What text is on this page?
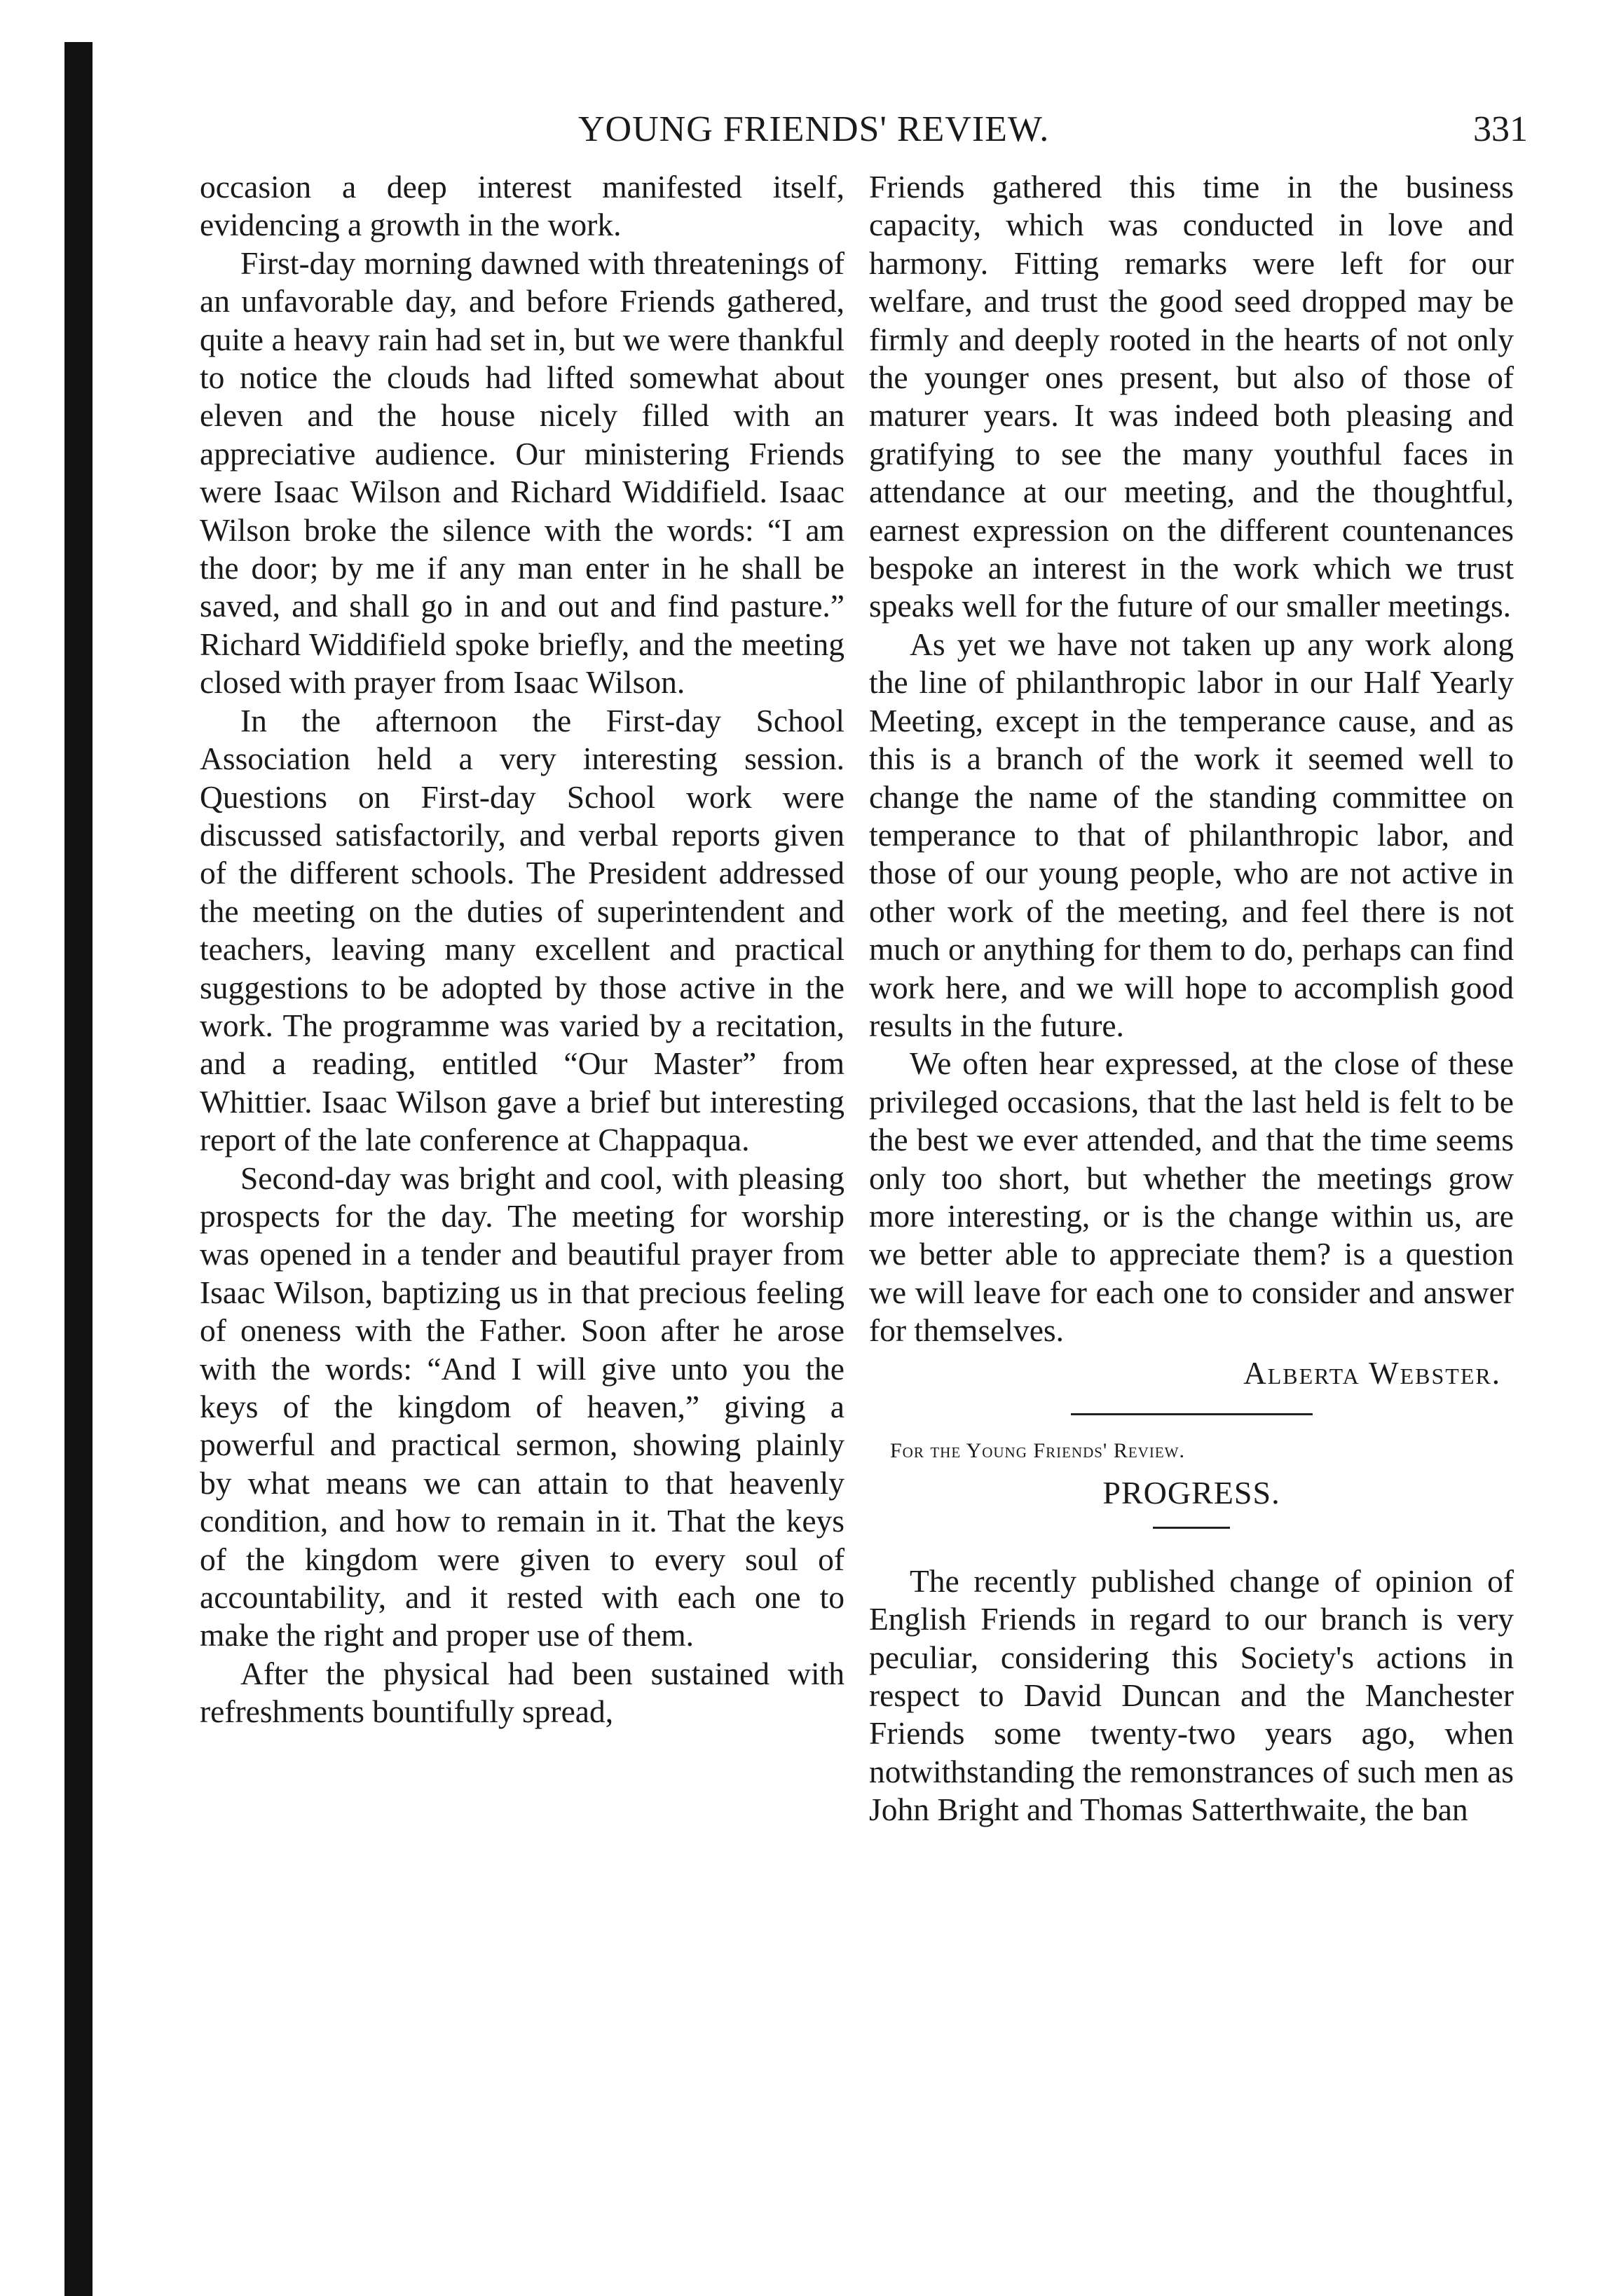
YOUNG FRIENDS' REVIEW.	331

occasion a deep interest manifested itself, evidencing a growth in the work.

First-day morning dawned with threatenings of an unfavorable day, and before Friends gathered, quite a heavy rain had set in, but we were thankful to notice the clouds had lifted somewhat about eleven and the house nicely filled with an appreciative audience. Our ministering Friends were Isaac Wilson and Richard Widdifield. Isaac Wilson broke the silence with the words: “I am the door; by me if any man enter in he shall be saved, and shall go in and out and find pasture.” Richard Widdifield spoke briefly, and the meeting closed with prayer from Isaac Wilson.

In the afternoon the First-day School Association held a very interesting session. Questions on First-day School work were discussed satisfactorily, and verbal reports given of the different schools. The President addressed the meeting on the duties of superintendent and teachers, leaving many excellent and practical suggestions to be adopted by those active in the work. The programme was varied by a recitation, and a reading, entitled “Our Master” from Whittier. Isaac Wilson gave a brief but interesting report of the late conference at Chappaqua.

Second-day was bright and cool, with pleasing prospects for the day. The meeting for worship was opened in a tender and beautiful prayer from Isaac Wilson, baptizing us in that precious feeling of oneness with the Father. Soon after he arose with the words: “And I will give unto you the keys of the kingdom of heaven,” giving a powerful and practical sermon, showing plainly by what means we can attain to that heavenly condition, and how to remain in it. That the keys of the kingdom were given to every soul of accountability, and it rested with each one to make the right and proper use of them.

After the physical had been sustained with refreshments bountifully spread,

Friends gathered this time in the business capacity, which was conducted in love and harmony. Fitting remarks were left for our welfare, and trust the good seed dropped may be firmly and deeply rooted in the hearts of not only the younger ones present, but also of those of maturer years. It was indeed both pleasing and gratifying to see the many youthful faces in attendance at our meeting, and the thoughtful, earnest expression on the different countenances bespoke an interest in the work which we trust speaks well for the future of our smaller meetings.

As yet we have not taken up any work along the line of philanthropic labor in our Half Yearly Meeting, except in the temperance cause, and as this is a branch of the work it seemed well to change the name of the standing committee on temperance to that of philanthropic labor, and those of our young people, who are not active in other work of the meeting, and feel there is not much or anything for them to do, perhaps can find work here, and we will hope to accomplish good results in the future.

We often hear expressed, at the close of these privileged occasions, that the last held is felt to be the best we ever attended, and that the time seems only too short, but whether the meetings grow more interesting, or is the change within us, are we better able to appreciate them? is a question we will leave for each one to consider and answer for themselves.

Alberta Webster.

For the Young Friends' Review.

PROGRESS.

The recently published change of opinion of English Friends in regard to our branch is very peculiar, considering this Society's actions in respect to David Duncan and the Manchester Friends some twenty-two years ago, when notwithstanding the remonstrances of such men as John Bright and Thomas Satterthwaite, the ban
